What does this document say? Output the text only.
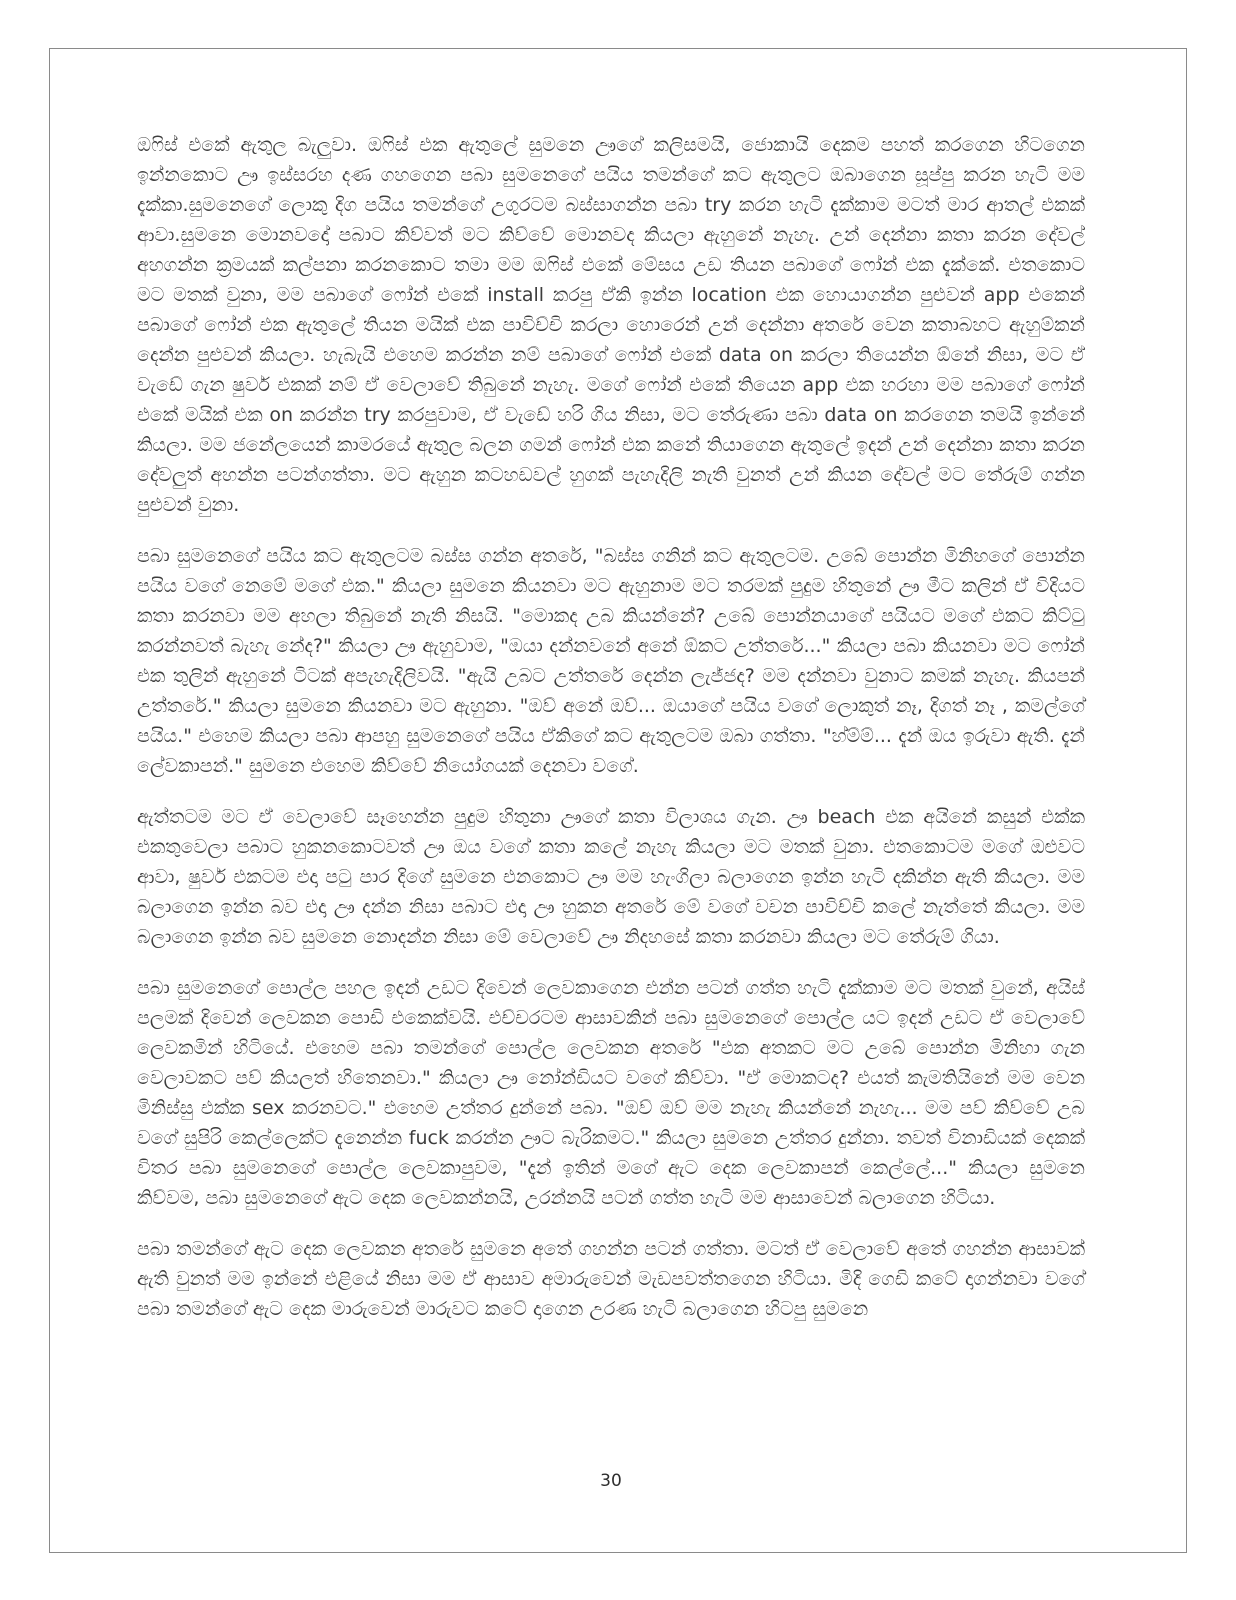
ඔෆිස් එකේ ඇතුල බැලුවා. ඔෆිස් එක ඇතුලේ සුමනෙ ඌගේ කලිසමයි, ජොකායි දෙකම පහත් කරගෙන හිටගෙන ඉන්නකොට ඌ ඉස්සරහ දණ ගහගෙන පබා සුමනෙගේ පයිය තමන්ගේ කට ඇතුලට ඔබාගෙන සූප්පු කරන හැටි මම දැක්කා.සුමනෙගේ ලොකු දිග පයිය තමන්ගේ උගුරටම බස්සාගන්න පබා try කරන හැටි දැක්කාම මටත් මාර ආතල් එකක් ආවා.සුමනෙ මොනවදෝ පබාට කිව්වත් මට කිව්වේ මොනවද කියලා ඇහුනේ නැහැ. උන් දෙන්නා කතා කරන දේවල් අහගන්න ක්‍රමයක් කල්පනා කරනකොට තමා මම ඔෆිස් එකේ මේසය උඩ තියන පබාගේ ෆෝන් එක දැක්කේ. එතකොට මට මතක් වුනා, මම පබාගේ ෆෝන් එකේ install කරපු ඒකි ඉන්න location එක හොයාගන්න පුළුවන් app එකෙන් පබාගේ ෆෝන් එක ඇතුලේ තියන මයික් එක පාවිච්චි කරලා හොරෙන් උන් දෙන්නා අතරේ වෙන කතාබහට ඇහුම්කන් දෙන්න පුළුවන් කියලා. හැබැයි එහෙම කරන්න නම් පබාගේ ෆෝන් එකේ data on කරලා තියෙන්න ඕනේ නිසා, මට ඒ වැඩේ ගැන ෂුවර් එකක් නම් ඒ වෙලාවේ තිබුනේ නැහැ. මගේ ෆෝන් එකේ තියෙන app එක හරහා මම පබාගේ ෆෝන් එකේ මයික් එක on කරන්න try කරපුවාම, ඒ වැඩේ හරි ගිය නිසා, මට තේරුණා පබා data on කරගෙන තමයි ඉන්නේ කියලා. මම ජනේලයෙන් කාමරයේ ඇතුල බලන ගමන් ෆෝන් එක කනේ තියාගෙන ඇතුලේ ඉදන් උන් දෙන්නා කතා කරන දේවලුත් අහන්න පටන්ගත්තා. මට ඇහුන කටහඩවල් හුගක් පැහැදිලි නැති වුනත් උන් කියන දේවල් මට තේරුම් ගන්න පුළුවන් වුනා.

පබා සුමනෙගේ පයිය කට ඇතුලටම බස්ස ගන්න අතරේ, "බස්ස ගනින් කට ඇතුලටම. උබේ පොන්න මිනිහගේ පොන්න පයිය වගේ නෙමේ මගේ එක." කියලා සුමනෙ කියනවා මට ඇහුනාම මට තරමක් පුදුම හිතුනේ ඌ මීට කලින් ඒ විදියට කතා කරනවා මම අහලා තිබුනේ නැති නිසයි. "මොකද උබ කියන්නේ? උබේ පොන්නයාගේ පයියට මගේ එකට කිට්ටු කරන්නවත් බැහැ නේද?" කියලා ඌ ඇහුවාම, "ඔයා දන්නවනේ අනේ ඕකට උත්තරේ..." කියලා පබා කියනවා මට ෆෝන් එක තුලින් ඇහුනේ ටිටක් අපැහැදිලිවයි. "ඇයි උබට උත්තරේ දෙන්න ලැජ්ජද? මම දන්නවා වුනාට කමක් නැහැ. කියපන් උත්තරේ." කියලා සුමනෙ කියනවා මට ඇහුනා. "ඔව් අනේ ඔව්... ඔයාගේ පයිය වගේ ලොකුත් නෑ, දිගත් නෑ , කමල්ගේ පයිය." එහෙම කියලා පබා ආපහු සුමනෙගේ පයිය ඒකිගේ කට ඇතුලටම ඔබා ගත්තා. "හ්ම්ම්... දැන් ඔය ඉරුවා ඇති. දැන් ලේවකාපන්." සුමනෙ එහෙම කිව්වේ නියෝගයක් දෙනවා වගේ.

ඇත්තටම මට ඒ වෙලාවේ සෑහෙන්න පුදුම හිතුනා ඌගේ කතා විලාශය ගැන. ඌ beach එක අයිනේ කසුන් එක්ක එකතුවෙලා පබාට හුකනකොටවත් ඌ ඔය වගේ කතා කලේ නැහැ කියලා මට මතක් වුනා. එතකොටම මගේ ඔළුවට ආවා, ෂුවර් එකටම එදා පටු පාර දිගේ සුමනෙ එනකොට ඌ මම හැංගිලා බලාගෙන ඉන්න හැටි දකින්න ඇති කියලා. මම බලාගෙන ඉන්න බව එදා ඌ දන්න නිසා පබාට එදා ඌ හුකන අතරේ මේ වගේ වචන පාවිච්චි කලේ නැත්තේ කියලා. මම බලාගෙන ඉන්න බව සුමනෙ නොදන්න නිසා මේ වෙලාවේ ඌ නිදහසේ කතා කරනවා කියලා මට තේරුම් ගියා.

පබා සුමනෙගේ පොල්ල පහල ඉදන් උඩට දිවෙන් ලෙවකාගෙන එන්න පටන් ගත්ත හැටි දැක්කාම මට මතක් වුනේ, අයිස් පලමක් දිවෙන් ලෙවකන පොඩි එකෙක්වයි. එච්චරටම ආසාවකින් පබා සුමනෙගේ පොල්ල යට ඉදන් උඩට ඒ වෙලාවේ ලෙවකමින් හිටියේ. එහෙම පබා තමන්ගේ පොල්ල ලෙවකන අතරේ "එක අතකට මට උබේ පොන්න මිනිහා ගැන වෙලාවකට පව් කියලත් හිතෙනවා." කියලා ඌ නෝන්ඩියට වගේ කිව්වා. "ඒ මොකටද? එයත් කැමතියිනේ මම වෙන මිනිස්සු එක්ක sex කරනවට." එහෙම උත්තර දුන්නේ පබා. "ඔව් ඔව් මම නැහැ කියන්නේ නැහැ... මම පව් කිව්වේ උබ වගේ සුපිරි කෙල්ලෙක්ට දැනෙන්න fuck කරන්න ඌට බැරිකමට." කියලා සුමනෙ උත්තර දුන්නා. තවත් විනාඩියක් දෙකක් විතර පබා සුමනෙගේ පොල්ල ලෙවකාපුවම, "දැන් ඉතින් මගේ ඇට දෙක ලෙවකාපන් කෙල්ලේ..." කියලා සුමනෙ කිව්වම, පබා සුමනෙගේ ඇට දෙක ලෙවකන්නයි, උරන්නයි පටන් ගත්ත හැටි මම ආසාවෙන් බලාගෙන හිටියා.

පබා තමන්ගේ ඇට දෙක ලෙවකන අතරේ සුමනෙ අතේ ගහන්න පටන් ගත්තා. මටත් ඒ වෙලාවේ අතේ ගහන්න ආසාවක් ඇති වුනත් මම ඉන්නේ එළියේ නිසා මම ඒ ආසාව අමාරුවෙන් මැඩපවත්තගෙන හිටියා. මිදි ගෙඩි කටේ දාගන්නවා වගේ පබා තමන්ගේ ඇට දෙක මාරුවෙන් මාරුවට කටේ දාගෙන උරණ හැටි බලාගෙන හිටපු සුමනෙ

30
